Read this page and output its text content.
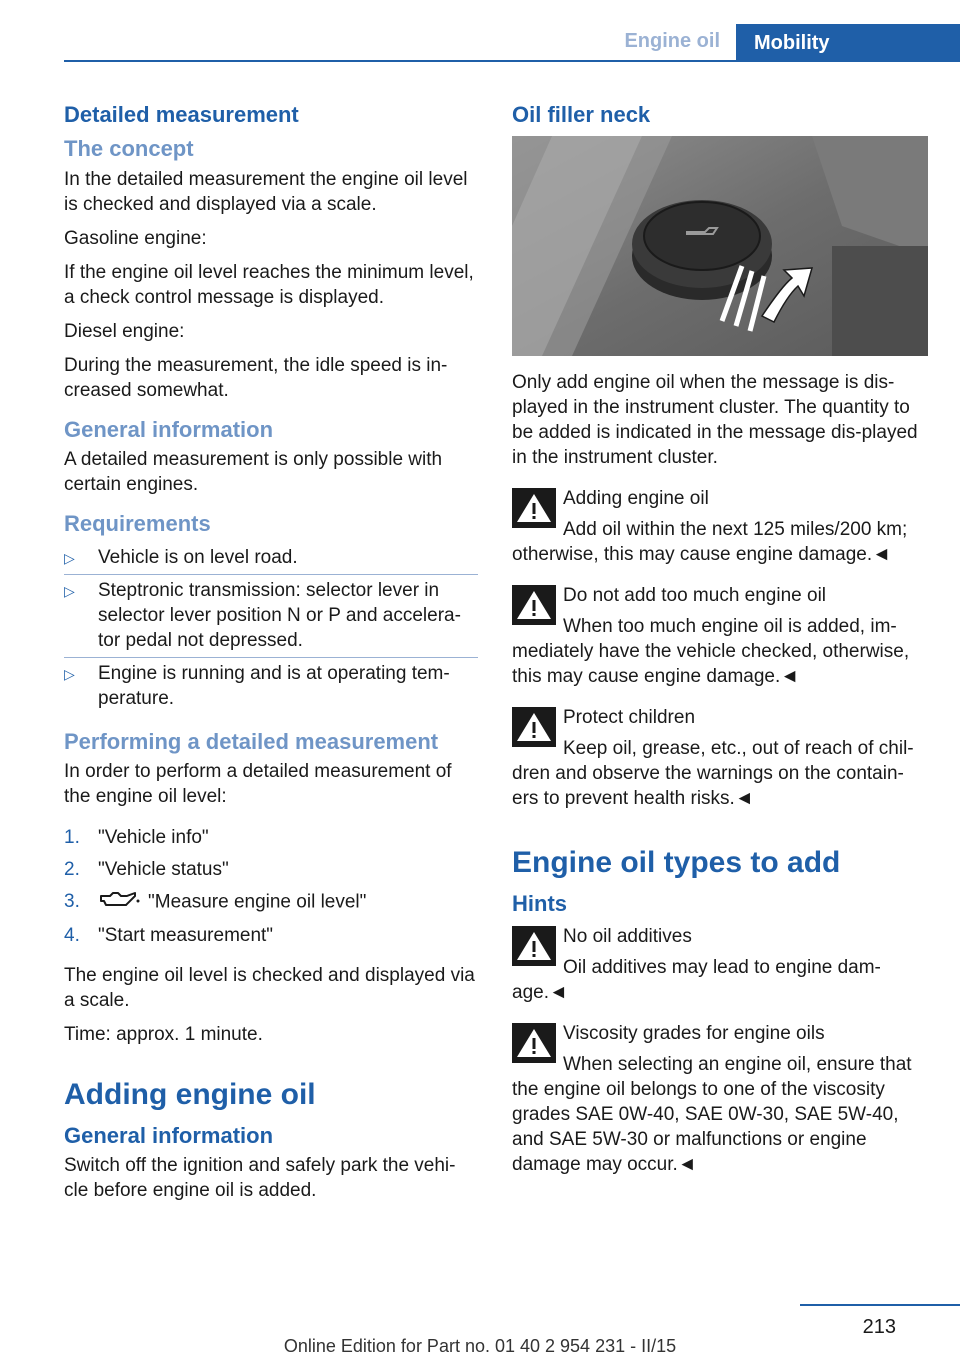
Engine oil	Mobility
Detailed measurement
The concept

In the detailed measurement the engine oil level is checked and displayed via a scale.

Gasoline engine:

If the engine oil level reaches the minimum level, a check control message is displayed.

Diesel engine:

During the measurement, the idle speed is in-creased somewhat.

General information

A detailed measurement is only possible with certain engines.

Requirements
▷ Vehicle is on level road.
▷ Steptronic transmission: selector lever in selector lever position N or P and accelera-tor pedal not depressed.
▷ Engine is running and is at operating tem-perature.
Performing a detailed measurement

In order to perform a detailed measurement of the engine oil level:

1. "Vehicle info"
2. "Vehicle status"
3.	"Measure engine oil level"
4. "Start measurement"

The engine oil level is checked and displayed via a scale.

Time: approx. 1 minute.

Adding engine oil
General information

Switch off the ignition and safely park the vehi-cle before engine oil is added.

Oil filler neck

Only add engine oil when the message is dis-played in the instrument cluster. The quantity to be added is indicated in the message dis-played in the instrument cluster.

Adding engine oil

Add oil within the next 125 miles/200 km; otherwise, this may cause engine damage.◄

Do not add too much engine oil

When too much engine oil is added, im-mediately have the vehicle checked, otherwise, this may cause engine damage.◄

Protect children

Keep oil, grease, etc., out of reach of chil-dren and observe the warnings on the contain-ers to prevent health risks.◄

Engine oil types to add
Hints

No oil additives

Oil additives may lead to engine dam-age.◄

Viscosity grades for engine oils

When selecting an engine oil, ensure that the engine oil belongs to one of the viscosity grades SAE 0W-40, SAE 0W-30, SAE 5W-40, and SAE 5W-30 or malfunctions or engine damage may occur.◄

213
Online Edition for Part no. 01 40 2 954 231 - II/15
